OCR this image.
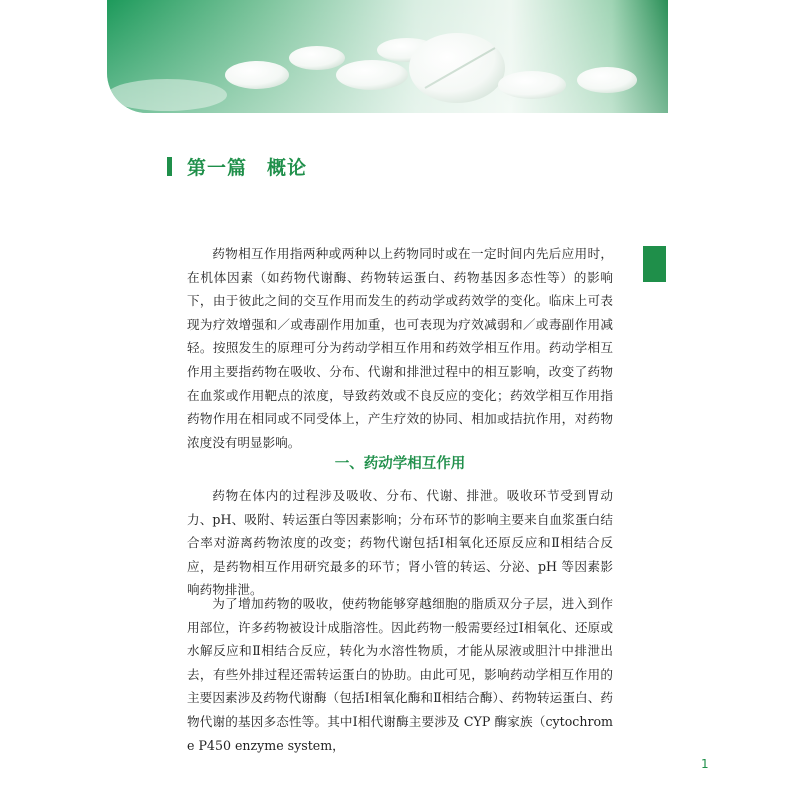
第一篇　概论

药物相互作用指两种或两种以上药物同时或在一定时间内先后应用时，在机体因素（如药物代谢酶、药物转运蛋白、药物基因多态性等）的影响下，由于彼此之间的交互作用而发生的药动学或药效学的变化。临床上可表现为疗效增强和／或毒副作用加重，也可表现为疗效减弱和／或毒副作用减轻。按照发生的原理可分为药动学相互作用和药效学相互作用。药动学相互作用主要指药物在吸收、分布、代谢和排泄过程中的相互影响，改变了药物在血浆或作用靶点的浓度，导致药效或不良反应的变化；药效学相互作用指药物作用在相同或不同受体上，产生疗效的协同、相加或拮抗作用，对药物浓度没有明显影响。

一、药动学相互作用

药物在体内的过程涉及吸收、分布、代谢、排泄。吸收环节受到胃动力、pH、吸附、转运蛋白等因素影响；分布环节的影响主要来自血浆蛋白结合率对游离药物浓度的改变；药物代谢包括Ⅰ相氧化还原反应和Ⅱ相结合反应，是药物相互作用研究最多的环节；肾小管的转运、分泌、pH 等因素影响药物排泄。

为了增加药物的吸收，使药物能够穿越细胞的脂质双分子层，进入到作用部位，许多药物被设计成脂溶性。因此药物一般需要经过Ⅰ相氧化、还原或水解反应和Ⅱ相结合反应，转化为水溶性物质，才能从尿液或胆汁中排泄出去，有些外排过程还需转运蛋白的协助。由此可见，影响药动学相互作用的主要因素涉及药物代谢酶（包括Ⅰ相氧化酶和Ⅱ相结合酶）、药物转运蛋白、药物代谢的基因多态性等。其中Ⅰ相代谢酶主要涉及 CYP 酶家族（cytochrome P450 enzyme system，

1
